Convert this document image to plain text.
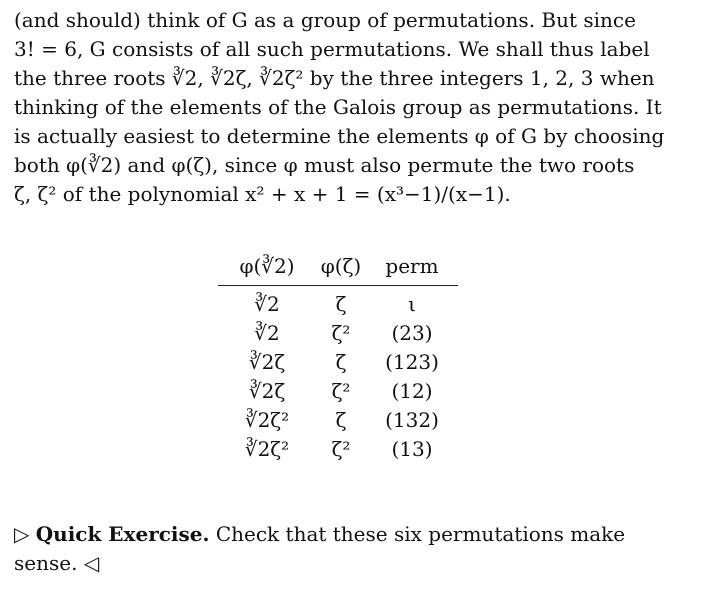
(and should) think of G as a group of permutations. But since
3! = 6, G consists of all such permutations. We shall thus label
the three roots ∛2, ∛2ζ, ∛2ζ² by the three integers 1, 2, 3 when
thinking of the elements of the Galois group as permutations. It
is actually easiest to determine the elements φ of G by choosing
both φ(∛2) and φ(ζ), since φ must also permute the two roots
ζ, ζ² of the polynomial x² + x + 1 = (x³−1)/(x−1).
φ(∛2)	φ(ζ)	perm
∛2	ζ	ι
∛2	ζ²	(23)
∛2ζ	ζ	(123)
∛2ζ	ζ²	(12)
∛2ζ²	ζ	(132)
∛2ζ²	ζ²	(13)
▷ Quick Exercise. Check that these six permutations make
sense. ◁
